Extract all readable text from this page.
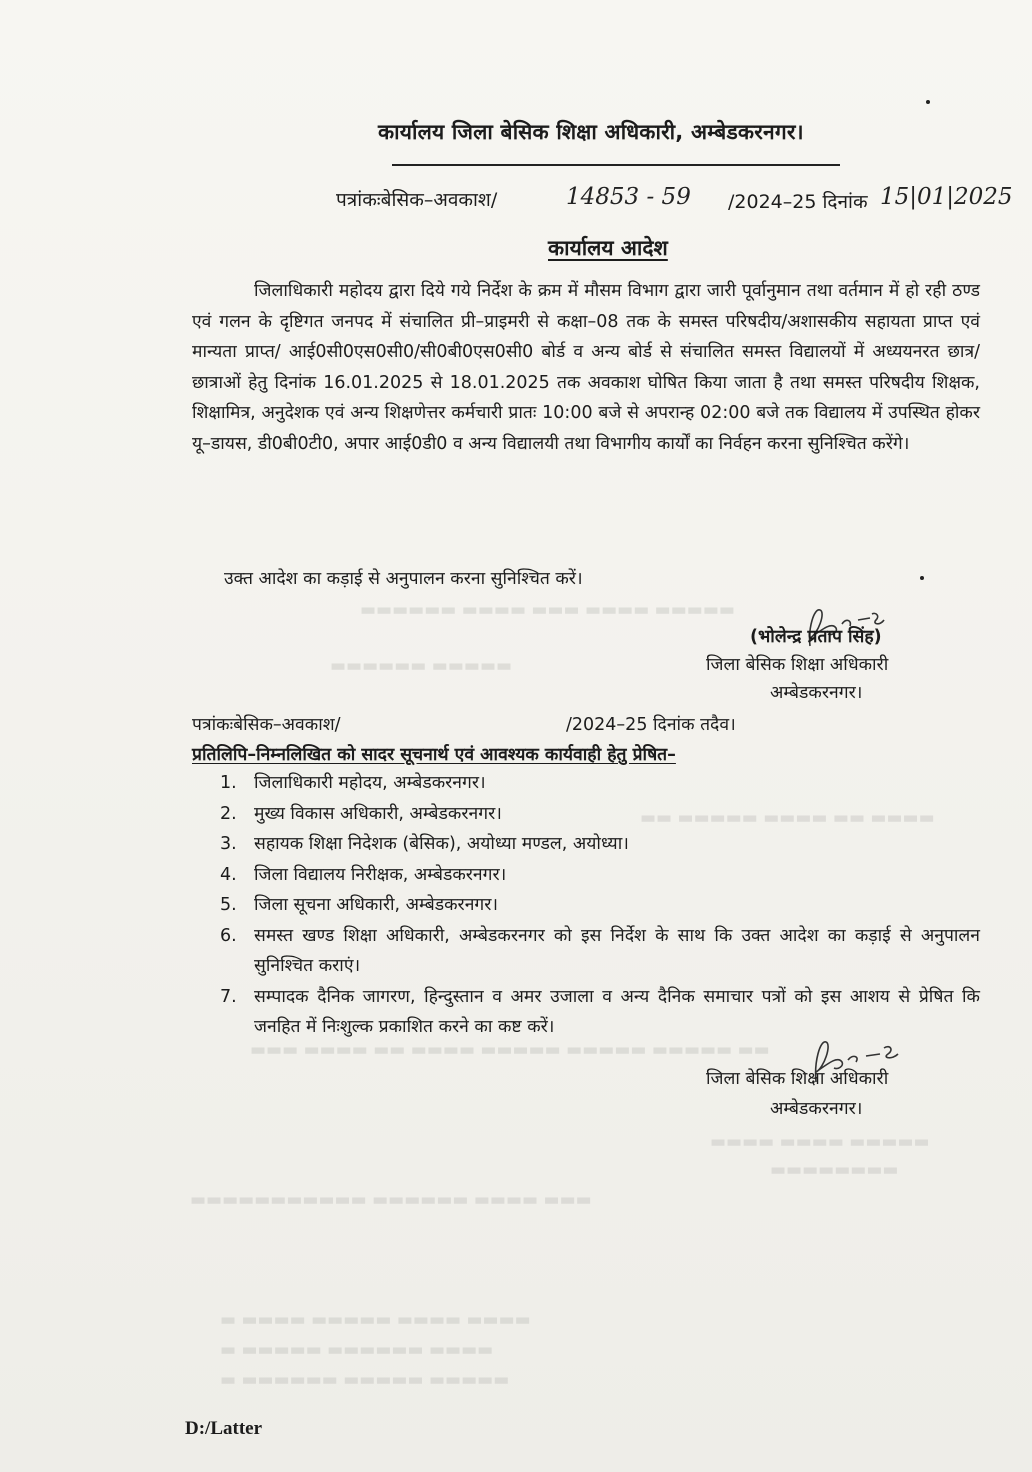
▬▬▬▬▬▬ ▬▬▬▬ ▬▬▬ ▬▬▬▬ ▬▬▬▬▬
▬▬▬▬▬▬ ▬▬▬▬▬
▬▬ ▬▬▬▬▬ ▬▬▬▬ ▬▬ ▬▬▬▬
▬▬▬ ▬▬▬▬ ▬▬ ▬▬▬▬ ▬▬▬▬▬ ▬▬▬▬▬ ▬▬▬▬▬ ▬▬
▬▬▬▬ ▬▬▬▬ ▬▬▬▬▬
▬▬▬▬▬▬▬▬
▬▬▬▬▬▬▬▬▬▬▬ ▬▬▬▬▬▬ ▬▬▬▬ ▬▬▬
▬ ▬▬▬▬ ▬▬▬▬▬ ▬▬▬▬ ▬▬▬▬
▬ ▬▬▬▬▬ ▬▬▬▬▬▬ ▬▬▬▬
▬ ▬▬▬▬▬▬ ▬▬▬▬▬ ▬▬▬▬▬
कार्यालय जिला बेसिक शिक्षा अधिकारी, अम्बेडकरनगर।
पत्रांकःबेसिक–अवकाश/	14853 - 59 /2024–25 दिनांक 15|01|2025
कार्यालय आदेश
जिलाधिकारी महोदय द्वारा दिये गये निर्देश के क्रम में मौसम विभाग द्वारा जारी पूर्वानुमान तथा वर्तमान में हो रही ठण्ड एवं गलन के दृष्टिगत जनपद में संचालित प्री–प्राइमरी से कक्षा–08 तक के समस्त परिषदीय/अशासकीय सहायता प्राप्त एवं मान्यता प्राप्त/ आई0सी0एस0सी0/सी0बी0एस0सी0 बोर्ड व अन्य बोर्ड से संचालित समस्त विद्यालयों में अध्ययनरत छात्र/छात्राओं हेतु दिनांक 16.01.2025 से 18.01.2025 तक अवकाश घोषित किया जाता है तथा समस्त परिषदीय शिक्षक, शिक्षामित्र, अनुदेशक एवं अन्य शिक्षणेत्तर कर्मचारी प्रातः 10:00 बजे से अपरान्ह 02:00 बजे तक विद्यालय में उपस्थित होकर यू–डायस, डी0बी0टी0, अपार आई0डी0 व अन्य विद्यालयी तथा विभागीय कार्यों का निर्वहन करना सुनिश्चित करेंगे।
उक्त आदेश का कड़ाई से अनुपालन करना सुनिश्चित करें।
(भोलेन्द्र प्रताप सिंह)
जिला बेसिक शिक्षा अधिकारी
अम्बेडकरनगर।
पत्रांकःबेसिक–अवकाश/	/2024–25 दिनांक तदैव।
प्रतिलिपि–निम्नलिखित को सादर सूचनार्थ एवं आवश्यक कार्यवाही हेतु प्रेषित–
1. जिलाधिकारी महोदय, अम्बेडकरनगर।
2. मुख्य विकास अधिकारी, अम्बेडकरनगर।
3. सहायक शिक्षा निदेशक (बेसिक), अयोध्या मण्डल, अयोध्या।
4. जिला विद्यालय निरीक्षक, अम्बेडकरनगर।
5. जिला सूचना अधिकारी, अम्बेडकरनगर।
6. समस्त खण्ड शिक्षा अधिकारी, अम्बेडकरनगर को इस निर्देश के साथ कि उक्त आदेश का कड़ाई से अनुपालन सुनिश्चित कराएं।
7. सम्पादक दैनिक जागरण, हिन्दुस्तान व अमर उजाला व अन्य दैनिक समाचार पत्रों को इस आशय से प्रेषित कि जनहित में निःशुल्क प्रकाशित करने का कष्ट करें।
जिला बेसिक शिक्षा अधिकारी
अम्बेडकरनगर।
D:/Latter
